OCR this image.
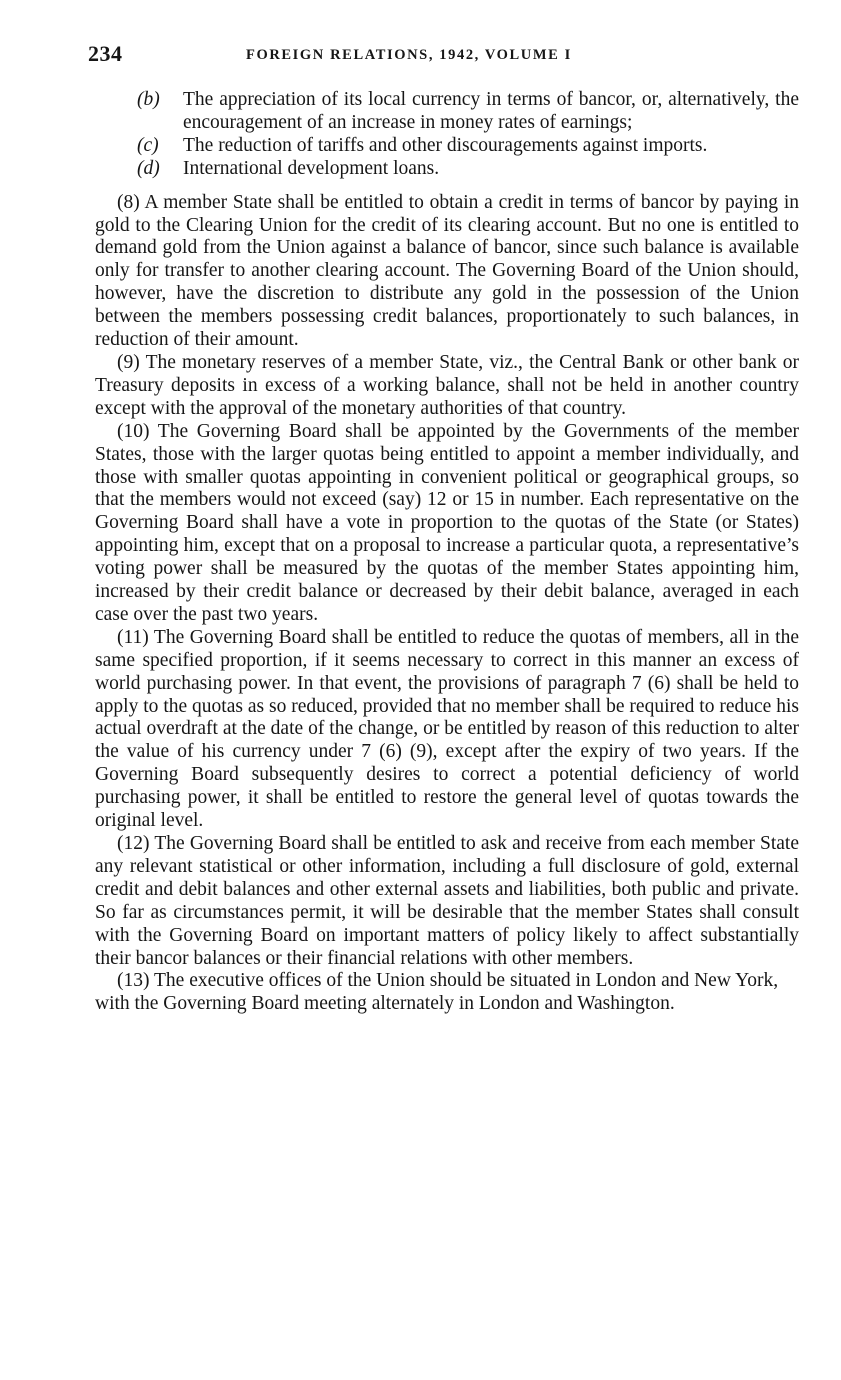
234	FOREIGN RELATIONS, 1942, VOLUME I
(b) The appreciation of its local currency in terms of bancor, or, alternatively, the encouragement of an increase in money rates of earnings;
(c) The reduction of tariffs and other discouragements against imports.
(d) International development loans.

(8) A member State shall be entitled to obtain a credit in terms of bancor by paying in gold to the Clearing Union for the credit of its clearing account. But no one is entitled to demand gold from the Union against a balance of bancor, since such balance is available only for transfer to another clearing account. The Governing Board of the Union should, however, have the discretion to distribute any gold in the possession of the Union between the members possessing credit balances, proportionately to such balances, in reduction of their amount.

(9) The monetary reserves of a member State, viz., the Central Bank or other bank or Treasury deposits in excess of a working balance, shall not be held in another country except with the approval of the monetary authorities of that country.

(10) The Governing Board shall be appointed by the Governments of the member States, those with the larger quotas being entitled to appoint a member individually, and those with smaller quotas appointing in convenient political or geographical groups, so that the members would not exceed (say) 12 or 15 in number. Each representative on the Governing Board shall have a vote in proportion to the quotas of the State (or States) appointing him, except that on a proposal to increase a particular quota, a representative’s voting power shall be measured by the quotas of the member States appointing him, increased by their credit balance or decreased by their debit balance, averaged in each case over the past two years.

(11) The Governing Board shall be entitled to reduce the quotas of members, all in the same specified proportion, if it seems necessary to correct in this manner an excess of world purchasing power. In that event, the provisions of paragraph 7 (6) shall be held to apply to the quotas as so reduced, provided that no member shall be required to reduce his actual overdraft at the date of the change, or be entitled by reason of this reduction to alter the value of his currency under 7 (6) (9), except after the expiry of two years. If the Governing Board subsequently desires to correct a potential deficiency of world purchasing power, it shall be entitled to restore the general level of quotas towards the original level.

(12) The Governing Board shall be entitled to ask and receive from each member State any relevant statistical or other information, including a full disclosure of gold, external credit and debit balances and other external assets and liabilities, both public and private. So far as circumstances permit, it will be desirable that the member States shall consult with the Governing Board on important matters of policy likely to affect substantially their bancor balances or their financial relations with other members.

(13) The executive offices of the Union should be situated in London and New York, with the Governing Board meeting alternately in London and Washington.
